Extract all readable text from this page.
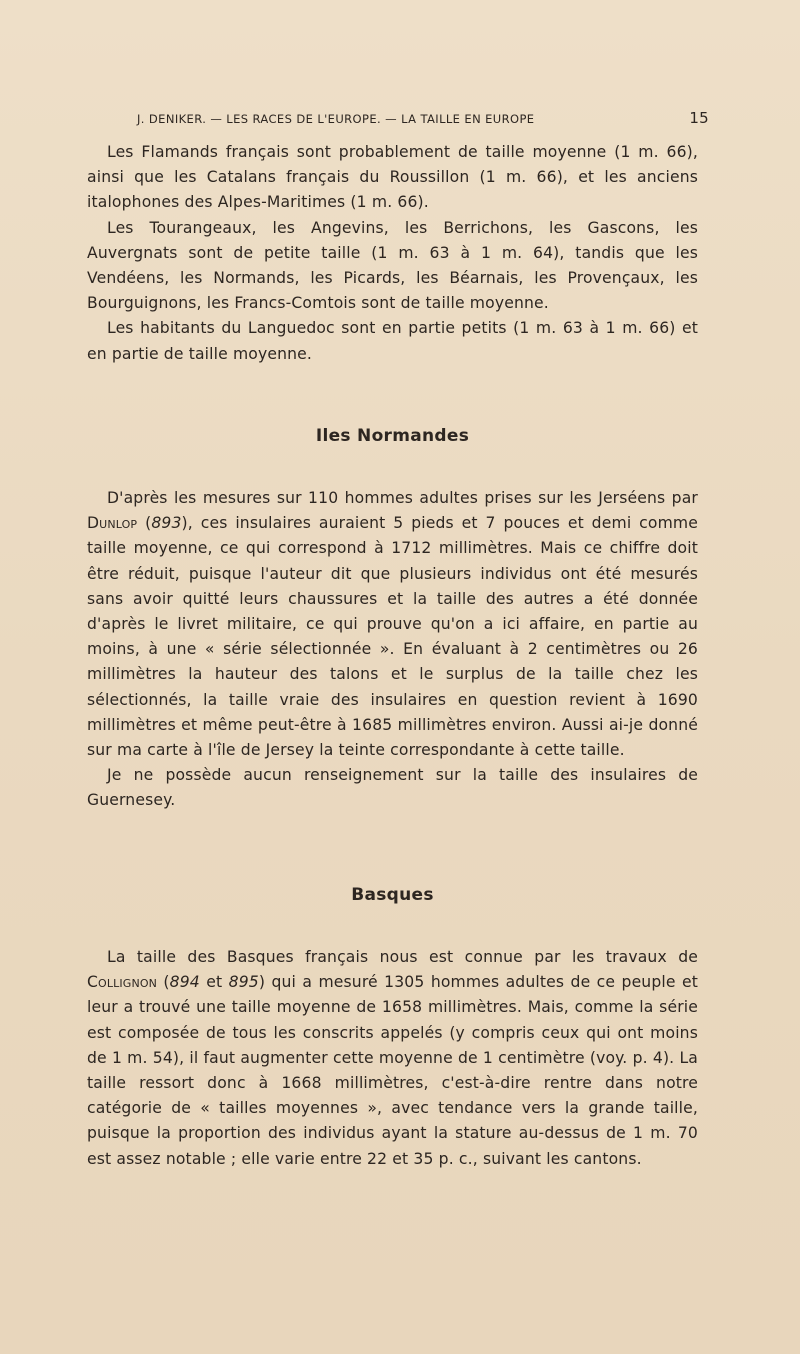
J. DENIKER. — LES RACES DE L'EUROPE. — LA TAILLE EN EUROPE	15

Les Flamands français sont probablement de taille moyenne (1 m. 66), ainsi que les Catalans français du Roussillon (1 m. 66), et les anciens italophones des Alpes-Maritimes (1 m. 66).

Les Tourangeaux, les Angevins, les Berrichons, les Gascons, les Auvergnats sont de petite taille (1 m. 63 à 1 m. 64), tandis que les Vendéens, les Normands, les Picards, les Béarnais, les Provençaux, les Bourguignons, les Francs-Comtois sont de taille moyenne.

Les habitants du Languedoc sont en partie petits (1 m. 63 à 1 m. 66) et en partie de taille moyenne.

Iles Normandes

D'après les mesures sur 110 hommes adultes prises sur les Jerséens par Dunlop (893), ces insulaires auraient 5 pieds et 7 pouces et demi comme taille moyenne, ce qui correspond à 1712 millimètres. Mais ce chiffre doit être réduit, puisque l'auteur dit que plusieurs individus ont été mesurés sans avoir quitté leurs chaussures et la taille des autres a été donnée d'après le livret militaire, ce qui prouve qu'on a ici affaire, en partie au moins, à une « série sélectionnée ». En évaluant à 2 centimètres ou 26 millimètres la hauteur des talons et le surplus de la taille chez les sélectionnés, la taille vraie des insulaires en question revient à 1690 millimètres et même peut-être à 1685 millimètres environ. Aussi ai-je donné sur ma carte à l'île de Jersey la teinte correspondante à cette taille.

Je ne possède aucun renseignement sur la taille des insulaires de Guernesey.

Basques

La taille des Basques français nous est connue par les travaux de Collignon (894 et 895) qui a mesuré 1305 hommes adultes de ce peuple et leur a trouvé une taille moyenne de 1658 millimètres. Mais, comme la série est composée de tous les conscrits appelés (y compris ceux qui ont moins de 1 m. 54), il faut augmenter cette moyenne de 1 centimètre (voy. p. 4). La taille ressort donc à 1668 millimètres, c'est-à-dire rentre dans notre catégorie de « tailles moyennes », avec tendance vers la grande taille, puisque la proportion des individus ayant la stature au-dessus de 1 m. 70 est assez notable ; elle varie entre 22 et 35 p. c., suivant les cantons.
